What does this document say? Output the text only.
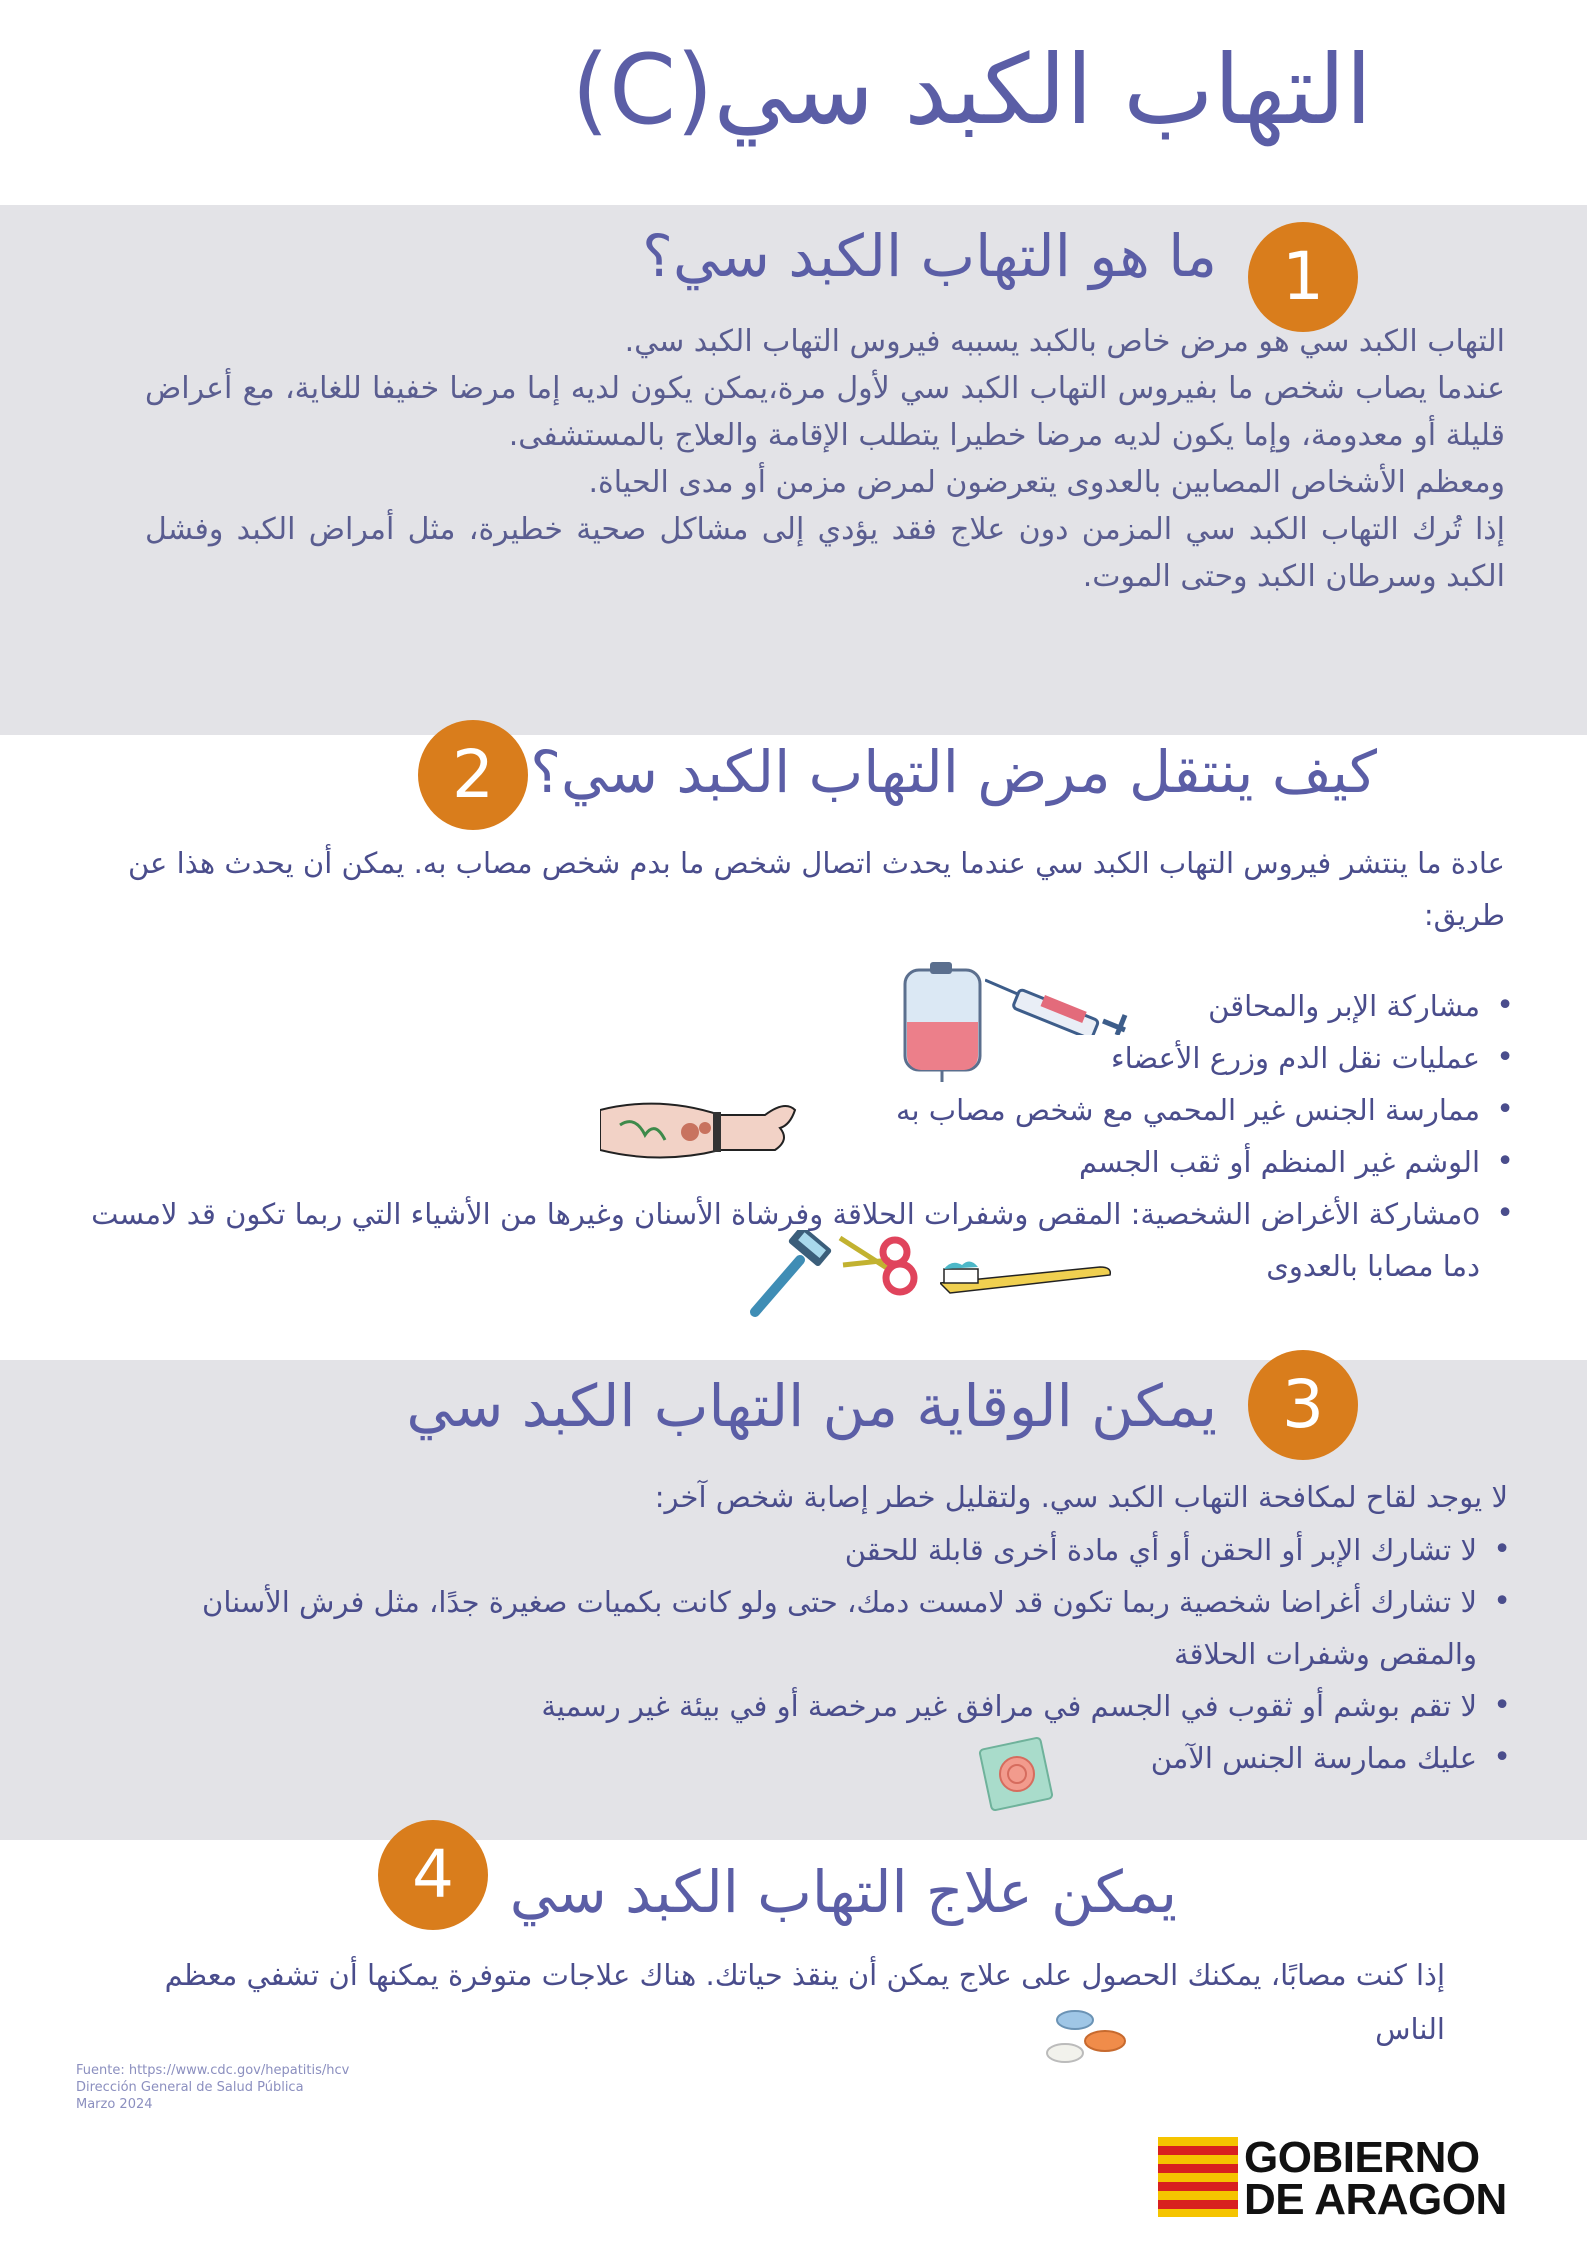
التهاب الكبد سي(C)
1
ما هو التهاب الكبد سي؟

التهاب الكبد سي هو مرض خاص بالكبد يسببه فيروس التهاب الكبد سي.

عندما يصاب شخص ما بفيروس التهاب الكبد سي لأول مرة،يمكن يكون لديه إما مرضا خفيفا للغاية، مع أعراض قليلة أو معدومة، وإما يكون لديه مرضا خطيرا يتطلب الإقامة والعلاج بالمستشفى.

ومعظم الأشخاص المصابين بالعدوى يتعرضون لمرض مزمن أو مدى الحياة.

إذا تُرك التهاب الكبد سي المزمن دون علاج فقد يؤدي إلى مشاكل صحية خطيرة، مثل أمراض الكبد وفشل الكبد وسرطان الكبد وحتى الموت.

2 كيف ينتقل مرض التهاب الكبد سي؟
عادة ما ينتشر فيروس التهاب الكبد سي عندما يحدث اتصال شخص ما بدم شخص مصاب به. يمكن أن يحدث هذا عن طريق:
• مشاركة الإبر والمحاقن
• عمليات نقل الدم وزرع الأعضاء
• ممارسة الجنس غير المحمي مع شخص مصاب به
• الوشم غير المنظم أو ثقب الجسم
• oمشاركة الأغراض الشخصية: المقص وشفرات الحلاقة وفرشاة الأسنان وغيرها من الأشياء التي ربما تكون قد لامست دما مصابا بالعدوى
3
يمكن الوقاية من التهاب الكبد سي
لا يوجد لقاح لمكافحة التهاب الكبد سي. ولتقليل خطر إصابة شخص آخر:
• لا تشارك الإبر أو الحقن أو أي مادة أخرى قابلة للحقن
• لا تشارك أغراضا شخصية ربما تكون قد لامست دمك، حتى ولو كانت بكميات صغيرة جدًا، مثل فرش الأسنان والمقص وشفرات الحلاقة
• لا تقم بوشم أو ثقوب في الجسم في مرافق غير مرخصة أو في بيئة غير رسمية
• عليك ممارسة الجنس الآمن
4 يمكن علاج التهاب الكبد سي
إذا كنت مصابًا، يمكنك الحصول على علاج يمكن أن ينقذ حياتك. هناك علاجات متوفرة يمكنها أن تشفي معظم الناس
Fuente: https://www.cdc.gov/hepatitis/hcv
Dirección General de Salud Pública
Marzo 2024
GOBIERNO
DE ARAGON
